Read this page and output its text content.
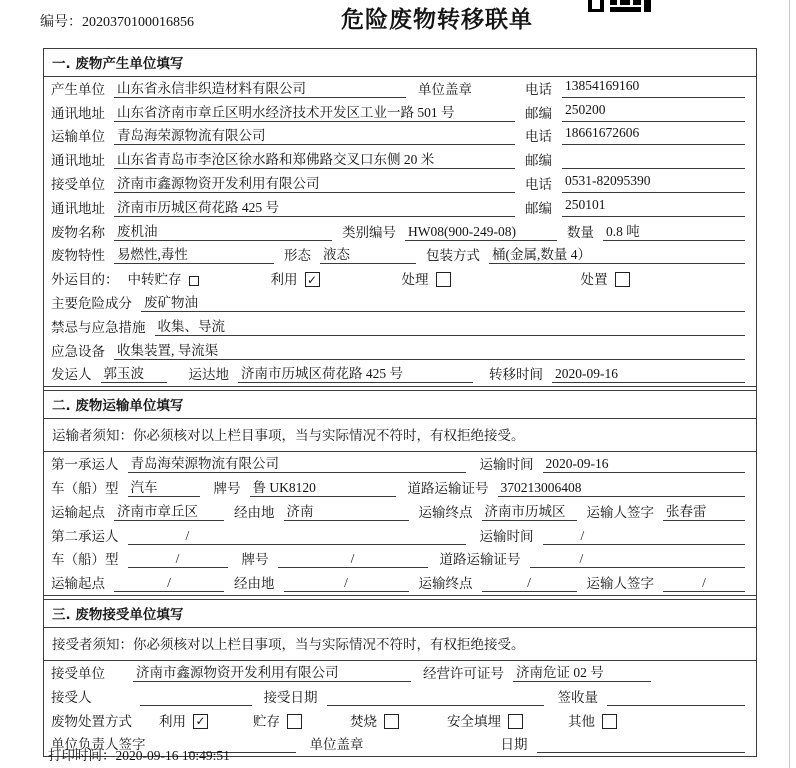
编号：2020370100016856	危险废物转移联单
一. 废物产生单位填写
产生单位 山东省永信非织造材料有限公司	单位盖章	电话 13854169160
通讯地址 山东省济南市章丘区明水经济技术开发区工业一路 501 号	邮编 250200
运输单位 青岛海荣源物流有限公司	电话 18661672606
通讯地址 山东省青岛市李沧区徐水路和郑佛路交叉口东侧 20 米	邮编
接受单位 济南市鑫源物资开发利用有限公司	电话 0531-82095390
通讯地址 济南市历城区荷花路 425 号	邮编 250101
废物名称 废机油	类别编号 HW08(900-249-08)	数量 0.8 吨
废物特性 易燃性,毒性	形态 液态	包装方式 桶(金属,数量 4）
外运目的： 中转贮存	利用 ✓	处理	处置
主要危险成分 废矿物油
禁忌与应急措施 收集、导流
应急设备 收集装置, 导流渠
发运人 郭玉波	运达地 济南市历城区荷花路 425 号	转移时间 2020-09-16
二. 废物运输单位填写
运输者须知：你必须核对以上栏目事项，当与实际情况不符时，有权拒绝接受。
第一承运人 青岛海荣源物流有限公司	运输时间 2020-09-16
车（船）型 汽车	牌号 鲁 UK8120	道路运输证号 370213006408
运输起点 济南市章丘区	经由地 济南	运输终点 济南市历城区	运输人签字 张春雷
第二承运人	/	运输时间	/
车（船）型	/	牌号	/	道路运输证号	/
运输起点	/	经由地	/	运输终点	/	运输人签字	/
三. 废物接受单位填写
接受者须知：你必须核对以上栏目事项，当与实际情况不符时，有权拒绝接受。
接受单位 济南市鑫源物资开发利用有限公司	经营许可证号 济南危证 02 号
接受人	接受日期	签收量
废物处置方式 利用 ✓	贮存	焚烧	安全填埋	其他
单位负责人签字	单位盖章	日期
打印时间：2020-09-16 10:49:51
